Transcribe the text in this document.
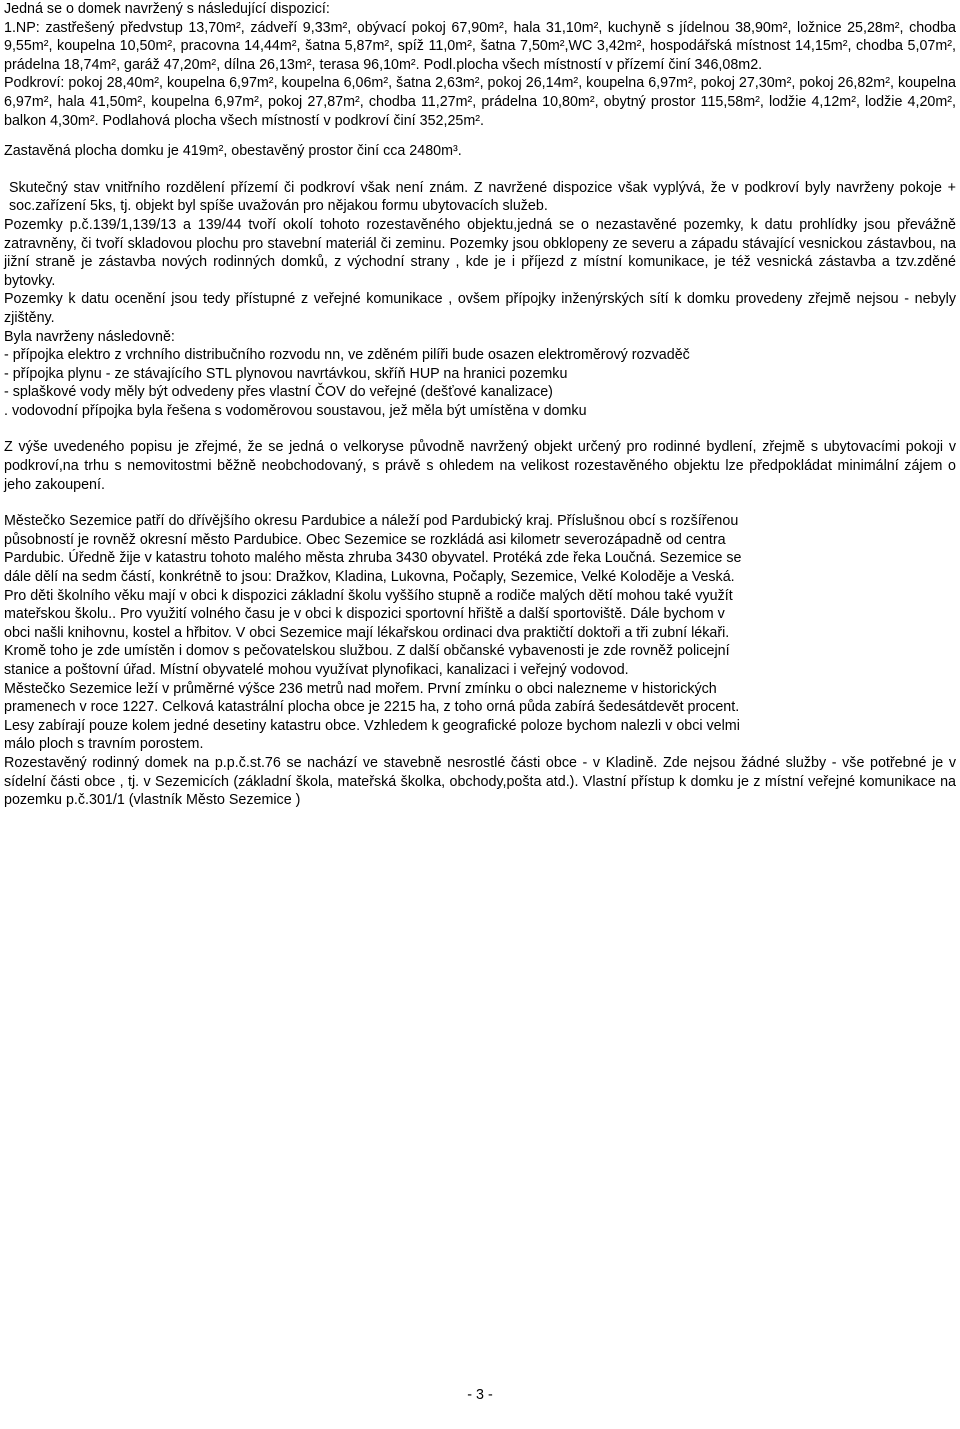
Jedná se o domek navržený s následující dispozicí:

1.NP: zastřešený předvstup 13,70m², zádveří 9,33m², obývací pokoj 67,90m², hala 31,10m², kuchyně s jídelnou 38,90m², ložnice 25,28m², chodba 9,55m², koupelna 10,50m², pracovna 14,44m², šatna 5,87m², spíž 11,0m², šatna 7,50m²,WC 3,42m², hospodářská místnost 14,15m², chodba 5,07m², prádelna 18,74m², garáž 47,20m², dílna 26,13m², terasa 96,10m². Podl.plocha všech místností v přízemí činí 346,08m2.

Podkroví: pokoj 28,40m², koupelna 6,97m², koupelna 6,06m², šatna 2,63m², pokoj 26,14m², koupelna 6,97m², pokoj 27,30m², pokoj 26,82m², koupelna 6,97m², hala 41,50m², koupelna 6,97m², pokoj 27,87m², chodba 11,27m², prádelna 10,80m², obytný prostor 115,58m², lodžie 4,12m², lodžie 4,20m², balkon 4,30m². Podlahová plocha všech místností v podkroví činí 352,25m².

Zastavěná plocha domku je 419m², obestavěný prostor činí cca 2480m³.

Skutečný stav vnitřního rozdělení přízemí či podkroví však není znám. Z navržené dispozice však vyplývá, že v podkroví byly navrženy pokoje + soc.zařízení 5ks, tj. objekt byl spíše uvažován pro nějakou formu ubytovacích služeb.

Pozemky p.č.139/1,139/13 a 139/44 tvoří okolí tohoto rozestavěného objektu,jedná se o nezastavěné pozemky, k datu prohlídky jsou převážně zatravněny, či tvoří skladovou plochu pro stavební materiál či zeminu. Pozemky jsou obklopeny ze severu a západu stávající vesnickou zástavbou, na jižní straně je zástavba nových rodinných domků, z východní strany , kde je i příjezd z místní komunikace, je též vesnická zástavba a tzv.zděné bytovky.

Pozemky k datu ocenění jsou tedy přístupné z veřejné komunikace , ovšem přípojky inženýrských sítí k domku provedeny zřejmě nejsou - nebyly zjištěny.

Byla navrženy následovně:

- přípojka elektro z vrchního distribučního rozvodu nn, ve zděném pilíři bude osazen elektroměrový rozvaděč

- přípojka plynu - ze stávajícího STL plynovou navrtávkou, skříň HUP na hranici pozemku

- splaškové vody měly být odvedeny přes vlastní ČOV do veřejné (dešťové kanalizace)

. vodovodní přípojka byla řešena s vodoměrovou soustavou, jež měla být umístěna v domku

Z výše uvedeného popisu je zřejmé, že se jedná o velkoryse původně navržený objekt určený pro rodinné bydlení, zřejmě s ubytovacími pokoji v podkroví,na trhu s nemovitostmi běžně neobchodovaný, s právě s ohledem na velikost rozestavěného objektu lze předpokládat minimální zájem o jeho zakoupení.

Městečko Sezemice patří do dřívějšího okresu Pardubice a náleží pod Pardubický kraj. Příslušnou obcí s rozšířenou

působností je rovněž okresní město Pardubice. Obec Sezemice se rozkládá asi kilometr severozápadně od centra

Pardubic. Úředně žije v katastru tohoto malého města zhruba 3430 obyvatel. Protéká zde řeka Loučná. Sezemice se

dále dělí na sedm částí, konkrétně to jsou: Dražkov, Kladina, Lukovna, Počaply, Sezemice, Velké Koloděje a Veská.

Pro děti školního věku mají v obci k dispozici základní školu vyššího stupně a rodiče malých dětí mohou také využít

mateřskou školu.. Pro využití volného času je v obci k dispozici sportovní hřiště a další sportoviště. Dále bychom v

obci našli knihovnu, kostel a hřbitov. V obci Sezemice mají lékařskou ordinaci dva praktičtí doktoři a tři zubní lékaři.

Kromě toho je zde umístěn i domov s pečovatelskou službou. Z další občanské vybavenosti je zde rovněž policejní

stanice a poštovní úřad. Místní obyvatelé mohou využívat plynofikaci, kanalizaci i veřejný vodovod.

Městečko Sezemice leží v průměrné výšce 236 metrů nad mořem. První zmínku o obci nalezneme v historických

pramenech v roce 1227. Celková katastrální plocha obce je 2215 ha, z toho orná půda zabírá šedesátdevět procent.

Lesy zabírají pouze kolem jedné desetiny katastru obce. Vzhledem k geografické poloze bychom nalezli v obci velmi

málo ploch s travním porostem.

Rozestavěný rodinný domek na p.p.č.st.76 se nachází ve stavebně nesrostlé části obce - v Kladině. Zde nejsou žádné služby - vše potřebné je v sídelní části obce , tj. v Sezemicích (základní škola, mateřská školka, obchody,pošta atd.). Vlastní přístup k domku je z místní veřejné komunikace na pozemku p.č.301/1 (vlastník Město Sezemice )

- 3 -
